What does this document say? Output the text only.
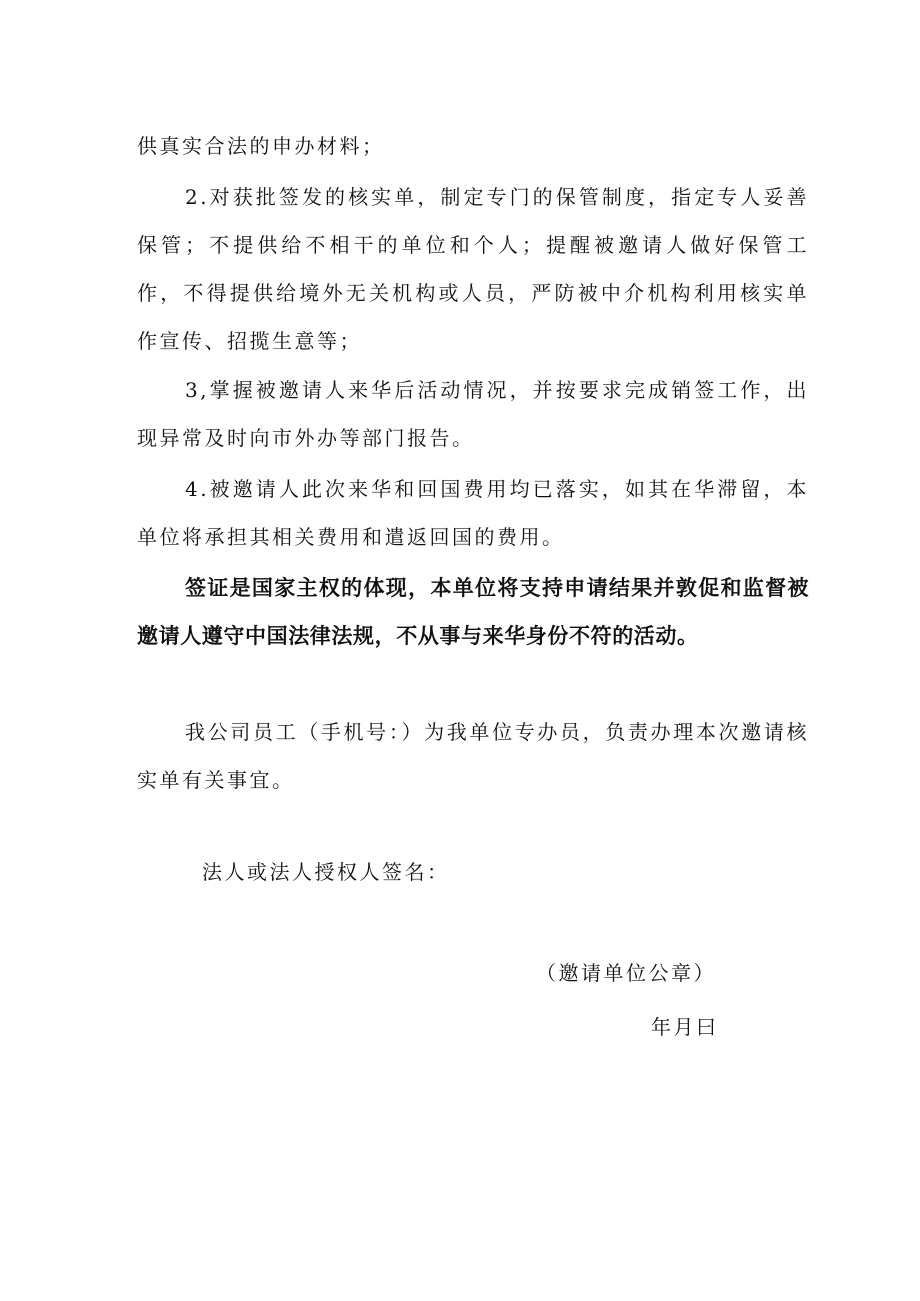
供真实合法的申办材料；

2.对获批签发的核实单，制定专门的保管制度，指定专人妥善保管；不提供给不相干的单位和个人；提醒被邀请人做好保管工作，不得提供给境外无关机构或人员，严防被中介机构利用核实单作宣传、招揽生意等；

3,掌握被邀请人来华后活动情况，并按要求完成销签工作，出现异常及时向市外办等部门报告。

4.被邀请人此次来华和回国费用均已落实，如其在华滞留，本单位将承担其相关费用和遣返回国的费用。

签证是国家主权的体现，本单位将支持申请结果并敦促和监督被邀请人遵守中国法律法规，不从事与来华身份不符的活动。

我公司员工（手机号：）为我单位专办员，负责办理本次邀请核实单有关事宜。

法人或法人授权人签名：

（邀请单位公章）

年月曰
